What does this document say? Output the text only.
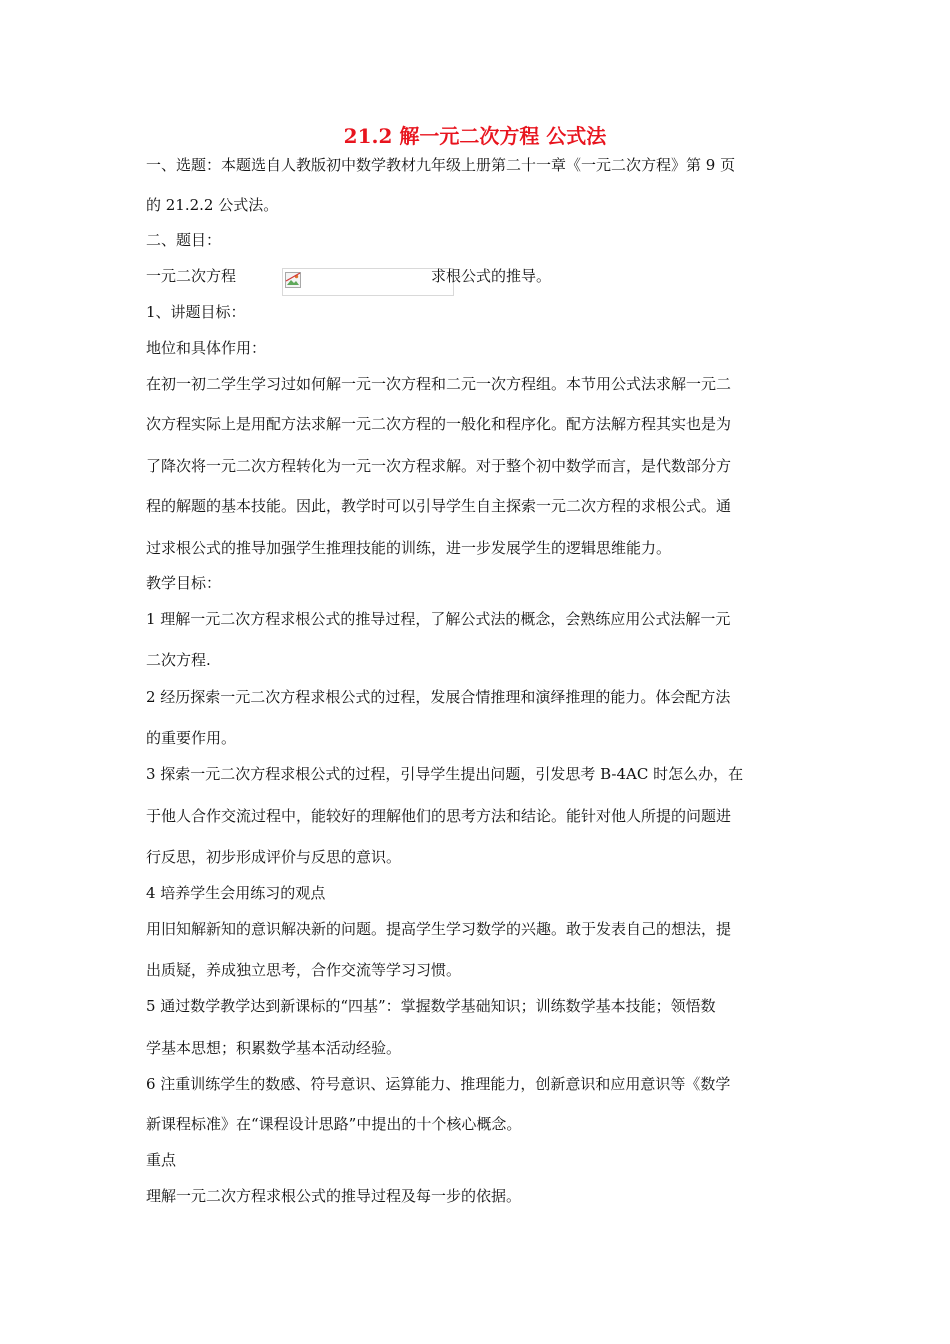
21.2 解一元二次方程 公式法

一、选题：本题选自人教版初中数学教材九年级上册第二十一章《一元二次方程》第 9 页

的 21.2.2 公式法。

二、题目：

一元二次方程	求根公式的推导。

1、讲题目标：

地位和具体作用：

在初一初二学生学习过如何解一元一次方程和二元一次方程组。本节用公式法求解一元二

次方程实际上是用配方法求解一元二次方程的一般化和程序化。配方法解方程其实也是为

了降次将一元二次方程转化为一元一次方程求解。对于整个初中数学而言，是代数部分方

程的解题的基本技能。因此，教学时可以引导学生自主探索一元二次方程的求根公式。通

过求根公式的推导加强学生推理技能的训练，进一步发展学生的逻辑思维能力。

教学目标：

1 理解一元二次方程求根公式的推导过程，了解公式法的概念，会熟练应用公式法解一元

二次方程.

2 经历探索一元二次方程求根公式的过程，发展合情推理和演绎推理的能力。体会配方法

的重要作用。

3 探索一元二次方程求根公式的过程，引导学生提出问题，引发思考 B-4AC 时怎么办，在

于他人合作交流过程中，能较好的理解他们的思考方法和结论。能针对他人所提的问题进

行反思，初步形成评价与反思的意识。

4 培养学生会用练习的观点

用旧知解新知的意识解决新的问题。提高学生学习数学的兴趣。敢于发表自己的想法，提

出质疑，养成独立思考，合作交流等学习习惯。

5 通过数学教学达到新课标的“四基”：掌握数学基础知识；训练数学基本技能；领悟数

学基本思想；积累数学基本活动经验。

6 注重训练学生的数感、符号意识、运算能力、推理能力，创新意识和应用意识等《数学

新课程标准》在“课程设计思路”中提出的十个核心概念。

重点

理解一元二次方程求根公式的推导过程及每一步的依据。
